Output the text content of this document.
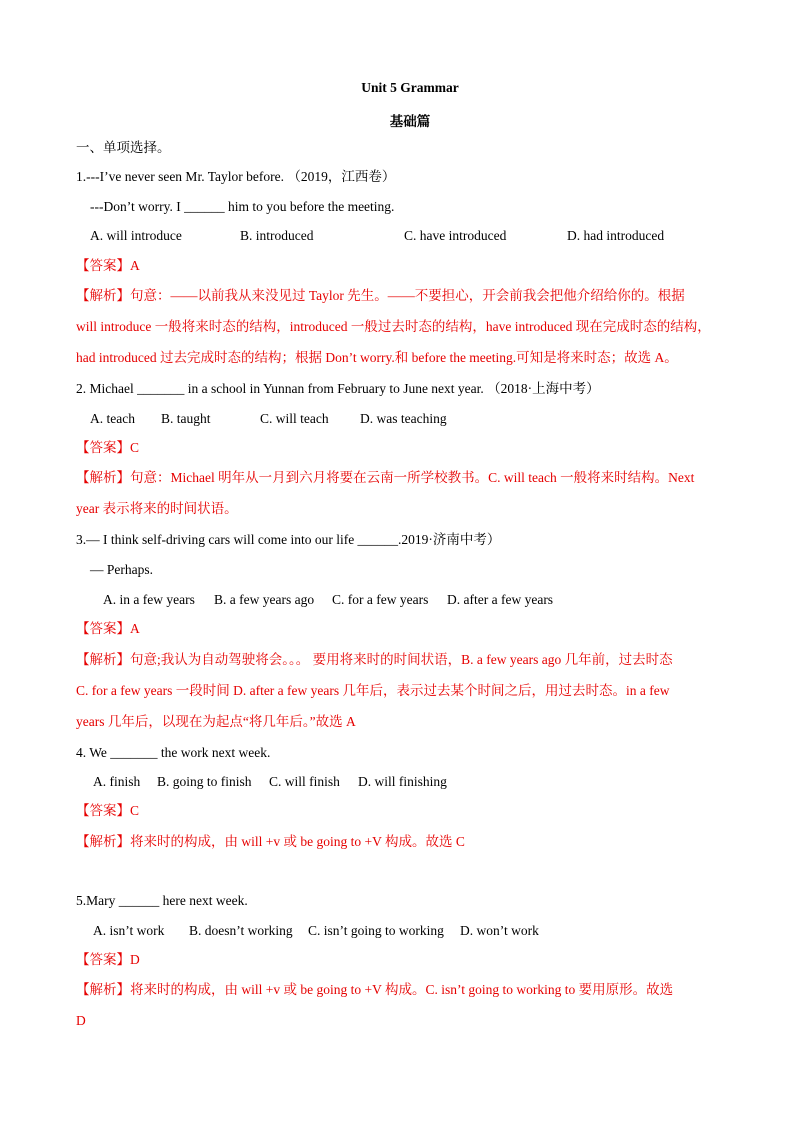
Unit 5 Grammar
基础篇
一、单项选择。
1.---I’ve never seen Mr. Taylor before. （2019，江西卷）
---Don’t worry. I ______ him to you before the meeting.
A. will introduce	B. introduced	C. have introduced	D. had introduced
【答案】A
【解析】句意：——以前我从来没见过 Taylor 先生。——不要担心，开会前我会把他介绍给你的。根据
will introduce 一般将来时态的结构，introduced 一般过去时态的结构，have introduced 现在完成时态的结构，
had introduced 过去完成时态的结构；根据 Don’t worry.和 before the meeting.可知是将来时态；故选 A。
2. Michael _______ in a school in Yunnan from February to June next year. （2018·上海中考）
A. teach B. taught	C. will teach D. was teaching
【答案】C
【解析】句意：Michael 明年从一月到六月将要在云南一所学校教书。C. will teach 一般将来时结构。Next
year 表示将来的时间状语。
3.— I think self-driving cars will come into our life ______.2019·济南中考）
— Perhaps.
A. in a few years B. a few years ago C. for a few years D. after a few years
【答案】A
【解析】句意;我认为自动驾驶将会。。。 要用将来时的时间状语，B. a few years ago 几年前，过去时态
C. for a few years 一段时间 D. after a few years 几年后，表示过去某个时间之后，用过去时态。in a few
years 几年后，以现在为起点“将几年后。”故选 A
4. We _______ the work next week.
A. finish B. going to finish C. will finish D. will finishing
【答案】C
【解析】将来时的构成，由 will +v 或 be going to +V 构成。故选 C
5.Mary ______ here next week.
A. isn’t work B. doesn’t working C. isn’t going to working D. won’t work
【答案】D
【解析】将来时的构成，由 will +v 或 be going to +V 构成。C. isn’t going to working to 要用原形。故选
D
